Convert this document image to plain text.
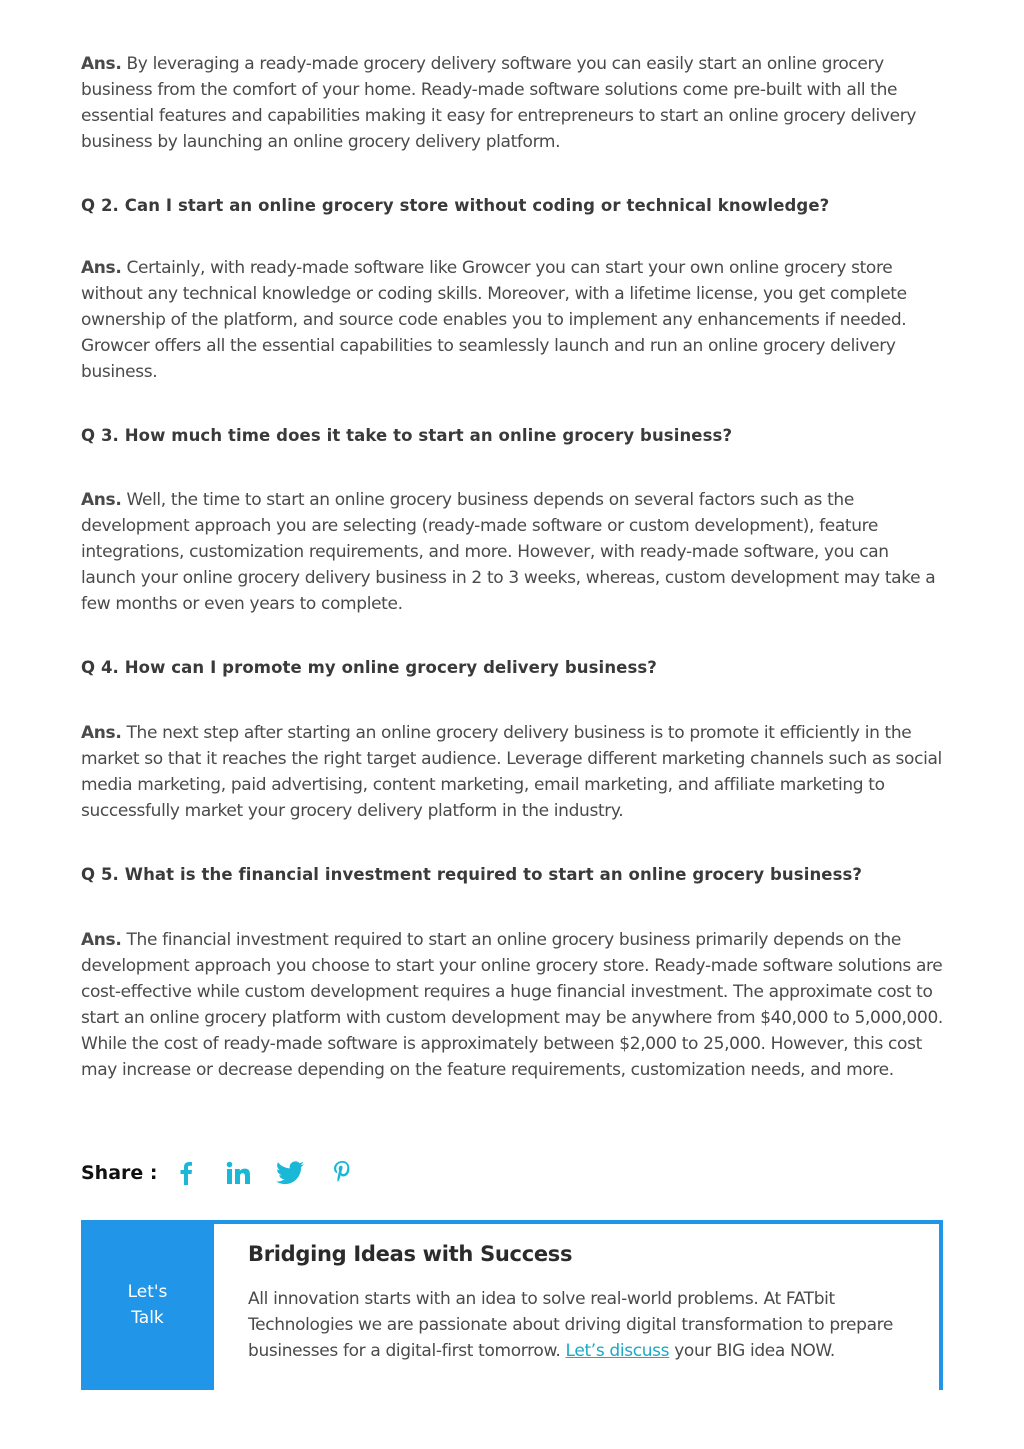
Ans. By leveraging a ready-made grocery delivery software you can easily start an online grocery business from the comfort of your home. Ready-made software solutions come pre-built with all the essential features and capabilities making it easy for entrepreneurs to start an online grocery delivery business by launching an online grocery delivery platform.

Q 2. Can I start an online grocery store without coding or technical knowledge?

Ans. Certainly, with ready-made software like Growcer you can start your own online grocery store without any technical knowledge or coding skills. Moreover, with a lifetime license, you get complete ownership of the platform, and source code enables you to implement any enhancements if needed. Growcer offers all the essential capabilities to seamlessly launch and run an online grocery delivery business.

Q 3. How much time does it take to start an online grocery business?

Ans. Well, the time to start an online grocery business depends on several factors such as the development approach you are selecting (ready-made software or custom development), feature integrations, customization requirements, and more. However, with ready-made software, you can launch your online grocery delivery business in 2 to 3 weeks, whereas, custom development may take a few months or even years to complete.

Q 4. How can I promote my online grocery delivery business?

Ans. The next step after starting an online grocery delivery business is to promote it efficiently in the market so that it reaches the right target audience. Leverage different marketing channels such as social media marketing, paid advertising, content marketing, email marketing, and affiliate marketing to successfully market your grocery delivery platform in the industry.

Q 5. What is the financial investment required to start an online grocery business?

Ans. The financial investment required to start an online grocery business primarily depends on the development approach you choose to start your online grocery store. Ready-made software solutions are cost-effective while custom development requires a huge financial investment. The approximate cost to start an online grocery platform with custom development may be anywhere from $40,000 to 5,000,000. While the cost of ready-made software is approximately between $2,000 to 25,000. However, this cost may increase or decrease depending on the feature requirements, customization needs, and more.

Share :
Let's Talk
Bridging Ideas with Success
All innovation starts with an idea to solve real-world problems. At FATbit Technologies we are passionate about driving digital transformation to prepare businesses for a digital-first tomorrow. Let’s discuss your BIG idea NOW.
